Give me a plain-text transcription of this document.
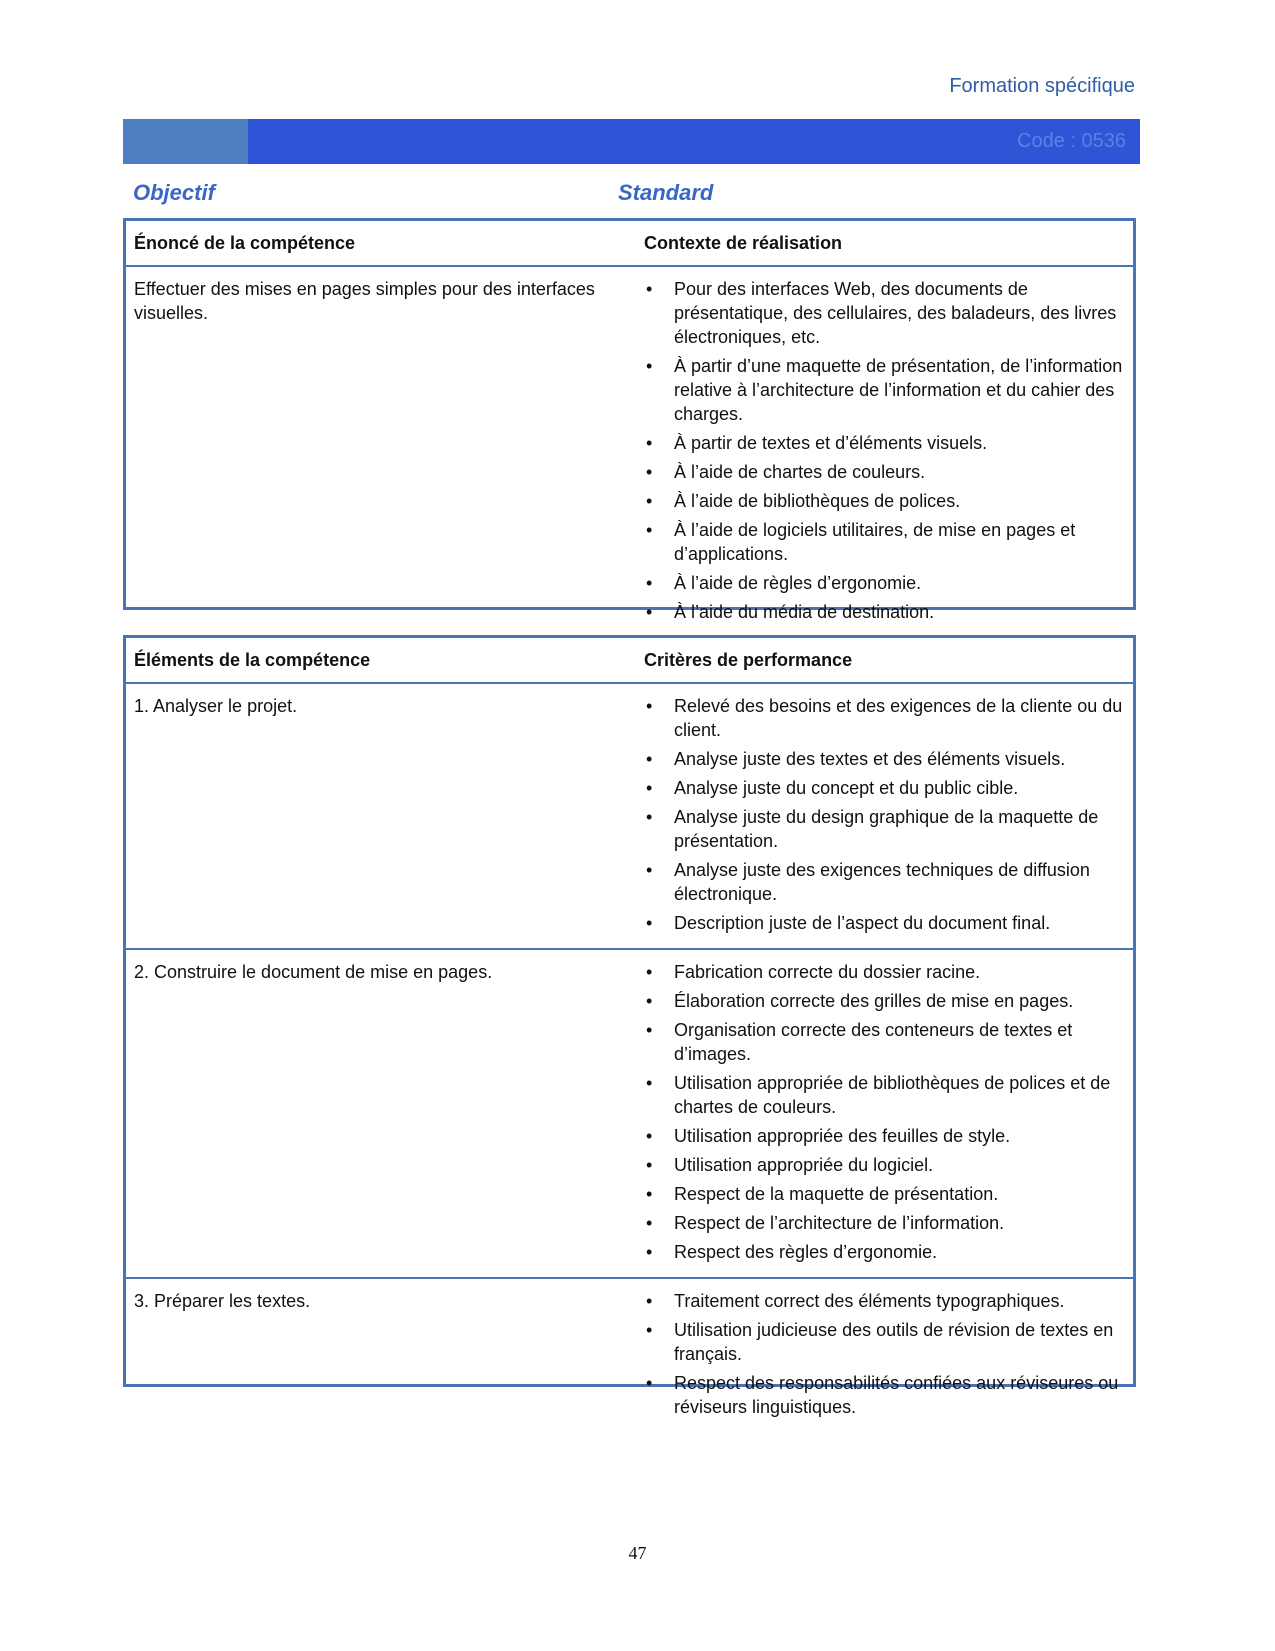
Formation spécifique
Code : 0536
Objectif	Standard
Énoncé de la compétence	Contexte de réalisation
Effectuer des mises en pages simples pour des interfaces visuelles.
• Pour des interfaces Web, des documents de présentatique, des cellulaires, des baladeurs, des livres électroniques, etc.
• À partir d’une maquette de présentation, de l’information relative à l’architecture de l’information et du cahier des charges.
• À partir de textes et d’éléments visuels.
• À l’aide de chartes de couleurs.
• À l’aide de bibliothèques de polices.
• À l’aide de logiciels utilitaires, de mise en pages et d’applications.
• À l’aide de règles d’ergonomie.
• À l’aide du média de destination.
Éléments de la compétence	Critères de performance
1. Analyser le projet.	• Relevé des besoins et des exigences de la cliente ou du client.
• Analyse juste des textes et des éléments visuels.
• Analyse juste du concept et du public cible.
• Analyse juste du design graphique de la maquette de présentation.
• Analyse juste des exigences techniques de diffusion électronique.
• Description juste de l’aspect du document final.
2. Construire le document de mise en pages.	• Fabrication correcte du dossier racine.
• Élaboration correcte des grilles de mise en pages.
• Organisation correcte des conteneurs de textes et d’images.
• Utilisation appropriée de bibliothèques de polices et de chartes de couleurs.
• Utilisation appropriée des feuilles de style.
• Utilisation appropriée du logiciel.
• Respect de la maquette de présentation.
• Respect de l’architecture de l’information.
• Respect des règles d’ergonomie.
3. Préparer les textes.	• Traitement correct des éléments typographiques.
• Utilisation judicieuse des outils de révision de textes en français.
• Respect des responsabilités confiées aux réviseures ou réviseurs linguistiques.
47
